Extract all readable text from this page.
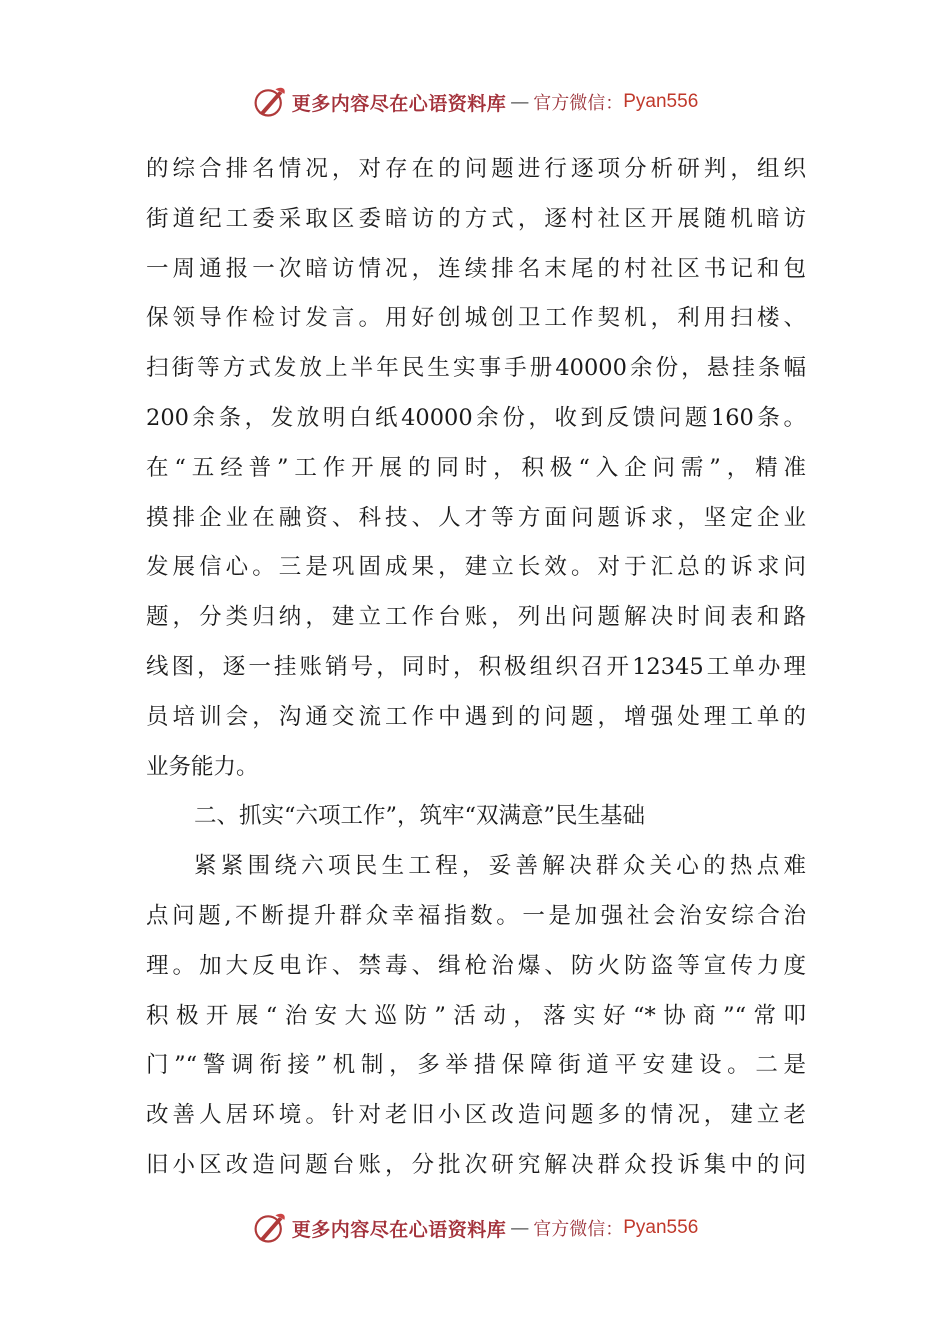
更多内容尽在心语资料库 — 官方微信： Pyan556
的综合排名情况，对存在的问题进行逐项分析研判，组织
街道纪工委采取区委暗访的方式，逐村社区开展随机暗访
一周通报一次暗访情况，连续排名末尾的村社区书记和包
保领导作检讨发言。用好创城创卫工作契机，利用扫楼、
扫街等方式发放上半年民生实事手册40000余份，悬挂条幅
200余条，发放明白纸40000余份，收到反馈问题160条。
在“五经普”工作开展的同时，积极“入企问需”，精准
摸排企业在融资、科技、人才等方面问题诉求，坚定企业
发展信心。三是巩固成果，建立长效。对于汇总的诉求问
题，分类归纳，建立工作台账，列出问题解决时间表和路
线图，逐一挂账销号，同时，积极组织召开12345工单办理
员培训会，沟通交流工作中遇到的问题，增强处理工单的
业务能力。
二、抓实“六项工作”，筑牢“双满意”民生基础
紧紧围绕六项民生工程，妥善解决群众关心的热点难
点问题,不断提升群众幸福指数。一是加强社会治安综合治
理。加大反电诈、禁毒、缉枪治爆、防火防盗等宣传力度
积极开展“治安大巡防”活动，落实好“*协商”“常叩
门”“警调衔接”机制，多举措保障街道平安建设。二是
改善人居环境。针对老旧小区改造问题多的情况，建立老
旧小区改造问题台账，分批次研究解决群众投诉集中的问
更多内容尽在心语资料库 — 官方微信： Pyan556
